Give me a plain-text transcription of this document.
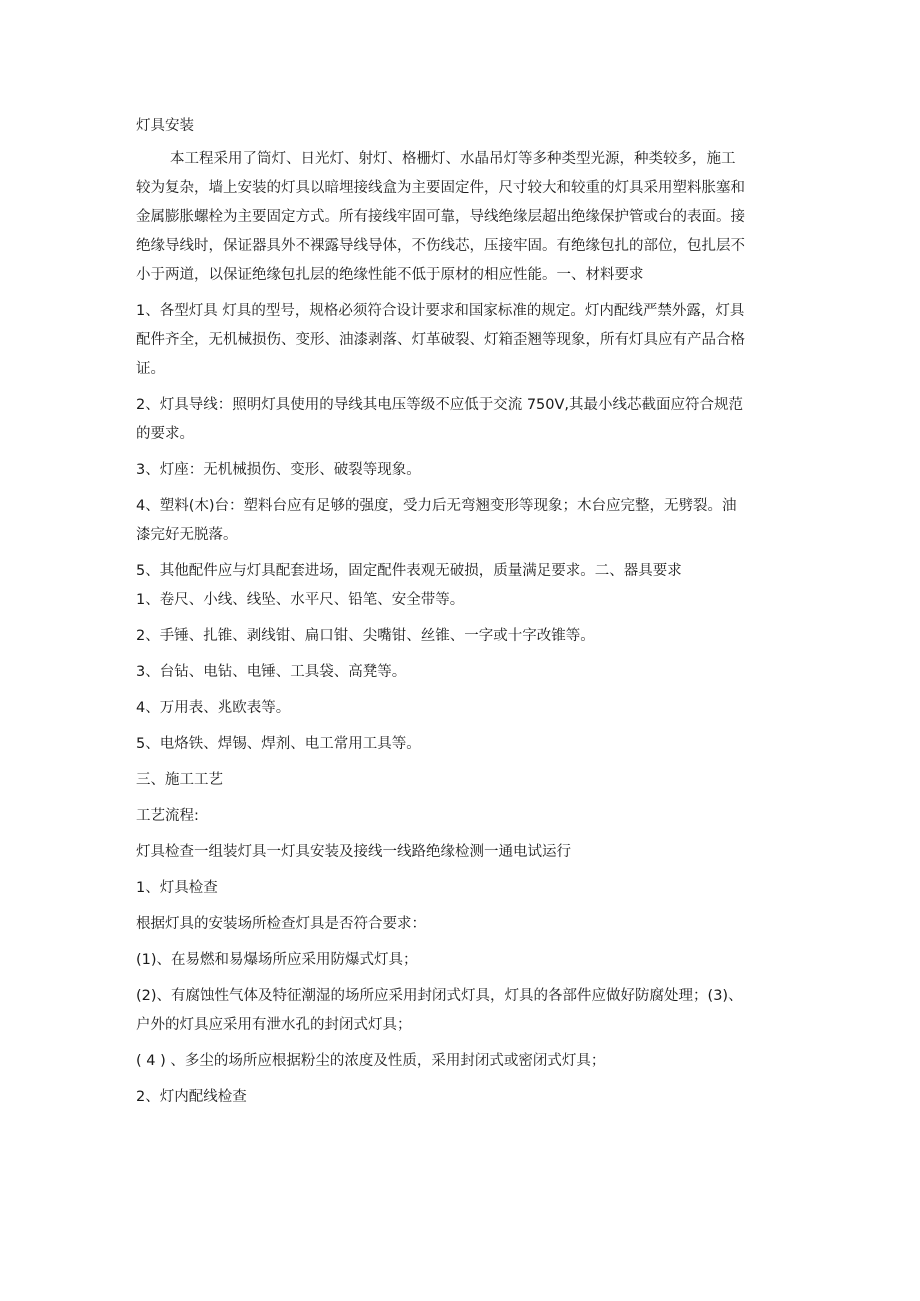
灯具安装

本工程采用了筒灯、日光灯、射灯、格栅灯、水晶吊灯等多种类型光源，种类较多，施工

较为复杂，墙上安装的灯具以暗埋接线盒为主要固定件，尺寸较大和较重的灯具采用塑料胀塞和

金属膨胀螺栓为主要固定方式。所有接线牢固可靠，导线绝缘层超出绝缘保护管或台的表面。接

绝缘导线时，保证器具外不裸露导线导体，不伤线芯，压接牢固。有绝缘包扎的部位，包扎层不

小于两道，以保证绝缘包扎层的绝缘性能不低于原材的相应性能。一、材料要求

1、各型灯具 灯具的型号，规格必须符合设计要求和国家标准的规定。灯内配线严禁外露，灯具

配件齐全，无机械损伤、变形、油漆剥落、灯革破裂、灯箱歪翘等现象，所有灯具应有产品合格

证。

2、灯具导线：照明灯具使用的导线其电压等级不应低于交流 750V,其最小线芯截面应符合规范

的要求。

3、灯座：无机械损伤、变形、破裂等现象。

4、塑料(木)台：塑料台应有足够的强度，受力后无弯翘变形等现象；木台应完整，无劈裂。油

漆完好无脱落。

5、其他配件应与灯具配套进场，固定配件表观无破损，质量满足要求。二、器具要求

1、卷尺、小线、线坠、水平尺、铅笔、安全带等。

2、手锤、扎锥、剥线钳、扁口钳、尖嘴钳、丝锥、一字或十字改锥等。

3、台钻、电钻、电锤、工具袋、高凳等。

4、万用表、兆欧表等。

5、电烙铁、焊锡、焊剂、电工常用工具等。

三、施工工艺

工艺流程:

灯具检查一组装灯具一灯具安装及接线一线路绝缘检测一通电试运行

1、灯具检查

根据灯具的安装场所检查灯具是否符合要求：

(1)、在易燃和易爆场所应采用防爆式灯具；

(2)、有腐蚀性气体及特征潮湿的场所应采用封闭式灯具，灯具的各部件应做好防腐处理；(3)、

户外的灯具应采用有泄水孔的封闭式灯具；

( 4 ) 、多尘的场所应根据粉尘的浓度及性质，采用封闭式或密闭式灯具；

2、灯内配线检查
